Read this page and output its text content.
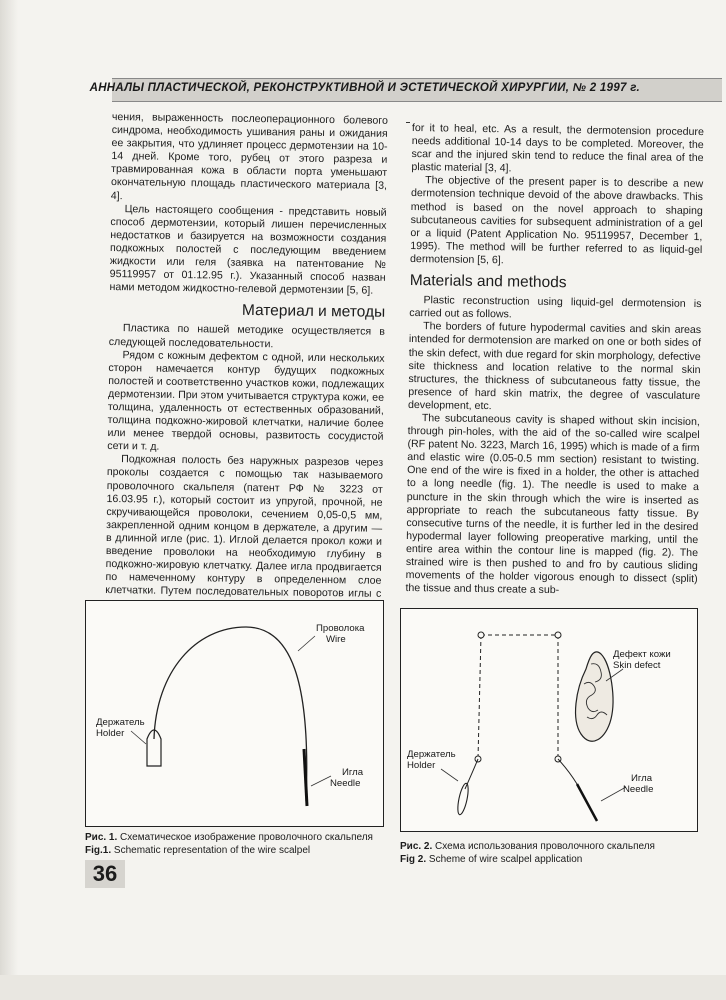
АННАЛЫ ПЛАСТИЧЕСКОЙ, РЕКОНСТРУКТИВНОЙ И ЭСТЕТИЧЕСКОЙ ХИРУРГИИ, № 2 1997 г.

чения, выраженность послеоперационного болевого синдрома, необходимость ушивания раны и ожидания ее закрытия, что удлиняет процесс дермотензии на 10-14 дней. Кроме того, рубец от этого разреза и травмированная кожа в области порта уменьшают окончательную площадь пластического материала [3, 4].

Цель настоящего сообщения - представить новый способ дермотензии, который лишен перечисленных недостатков и базируется на возможности создания подкожных полостей с последующим введением жидкости или геля (заявка на патентование № 95119957 от 01.12.95 г.). Указанный способ назван нами методом жидкостно-гелевой дермотензии [5, 6].

Материал и методы

Пластика по нашей методике осуществляется в следующей последовательности.

Рядом с кожным дефектом с одной, или нескольких сторон намечается контур будущих подкожных полостей и соответственно участков кожи, подлежащих дермотензии. При этом учитывается структура кожи, ее толщина, удаленность от естественных образований, толщина подкожно-жировой клетчатки, наличие более или менее твердой основы, развитость сосудистой сети и т. д.

Подкожная полость без наружных разрезов через проколы создается с помощью так называемого проволочного скальпеля (патент РФ № 3223 от 16.03.95 г.), который состоит из упругой, прочной, не скручивающейся проволоки, сечением 0,05-0,5 мм, закрепленной одним концом в держателе, а другим — в длинной игле (рис. 1). Иглой делается прокол кожи и введение проволоки на необходимую глубину в подкожно-жировую клетчатку. Далее игла продвигается по намеченному контуру в определенном слое клетчатки. Путем последовательных поворотов иглы с

for it to heal, etc. As a result, the dermotension procedure needs additional 10-14 days to be completed. Moreover, the scar and the injured skin tend to reduce the final area of the plastic material [3, 4].

The objective of the present paper is to describe a new dermotension technique devoid of the above drawbacks. This method is based on the novel approach to shaping subcutaneous cavities for subsequent administration of a gel or a liquid (Patent Application No. 95119957, December 1, 1995). The method will be further referred to as liquid-gel dermotension [5, 6].

Materials and methods

Plastic reconstruction using liquid-gel dermotension is carried out as follows.

The borders of future hypodermal cavities and skin areas intended for dermotension are marked on one or both sides of the skin defect, with due regard for skin morphology, defective site thickness and location relative to the normal skin structures, the thickness of subcutaneous fatty tissue, the presence of hard skin matrix, the degree of vasculature development, etc.

The subcutaneous cavity is shaped without skin incision, through pin-holes, with the aid of the so-called wire scalpel (RF patent No. 3223, March 16, 1995) which is made of a firm and elastic wire (0.05-0.5 mm section) resistant to twisting. One end of the wire is fixed in a holder, the other is attached to a long needle (fig. 1). The needle is used to make a puncture in the skin through which the wire is inserted as appropriate to reach the subcutaneous fatty tissue. By consecutive turns of the needle, it is further led in the desired hypodermal layer following preoperative marking, until the entire area within the contour line is mapped (fig. 2). The strained wire is then pushed to and fro by cautious sliding movements of the holder vigorous enough to dissect (split) the tissue and thus create a sub-

Проволока
Wire
Держатель
Holder
Игла
Needle
Рис. 1. Схематическое изображение проволочного скальпеля
Fig.1. Schematic representation of the wire scalpel
Дефект кожи
Skin defect
Держатель
Holder
Игла
Needle
Рис. 2. Схема использования проволочного скальпеля
Fig 2. Scheme of wire scalpel application
36
